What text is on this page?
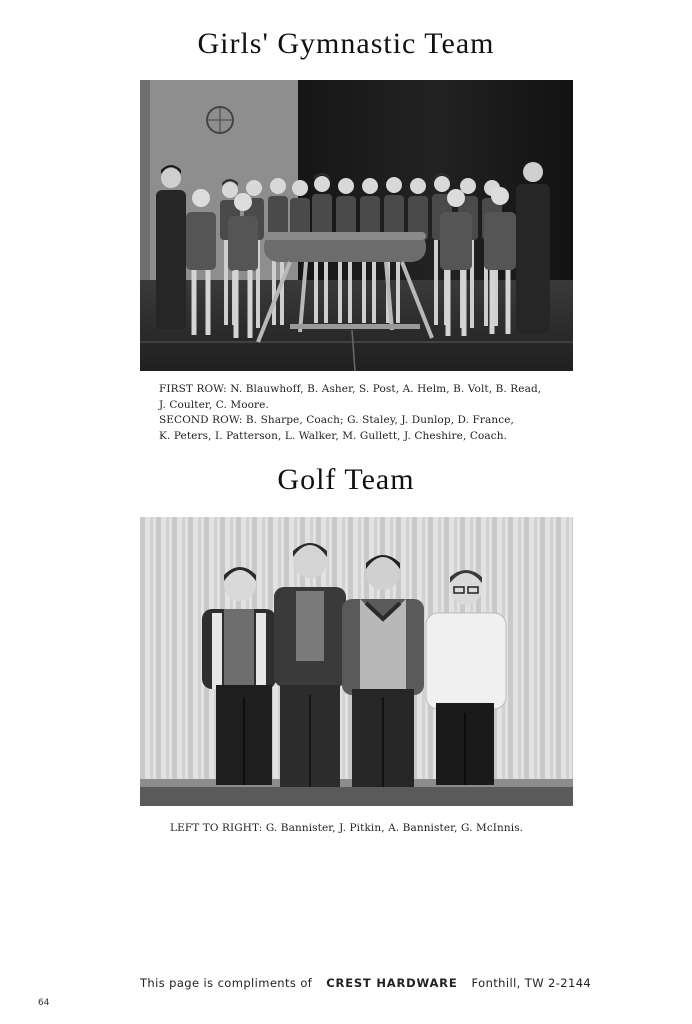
Girls' Gymnastic Team
FIRST ROW: N. Blauwhoff, B. Asher, S. Post, A. Helm, B. Volt, B. Read,
J. Coulter, C. Moore.
SECOND ROW: B. Sharpe, Coach; G. Staley, J. Dunlop, D. France,
K. Peters, I. Patterson, L. Walker, M. Gullett, J. Cheshire, Coach.
Golf Team
LEFT TO RIGHT: G. Bannister, J. Pitkin, A. Bannister, G. McInnis.
This page is compliments of CREST HARDWARE Fonthill, TW 2-2144
64
